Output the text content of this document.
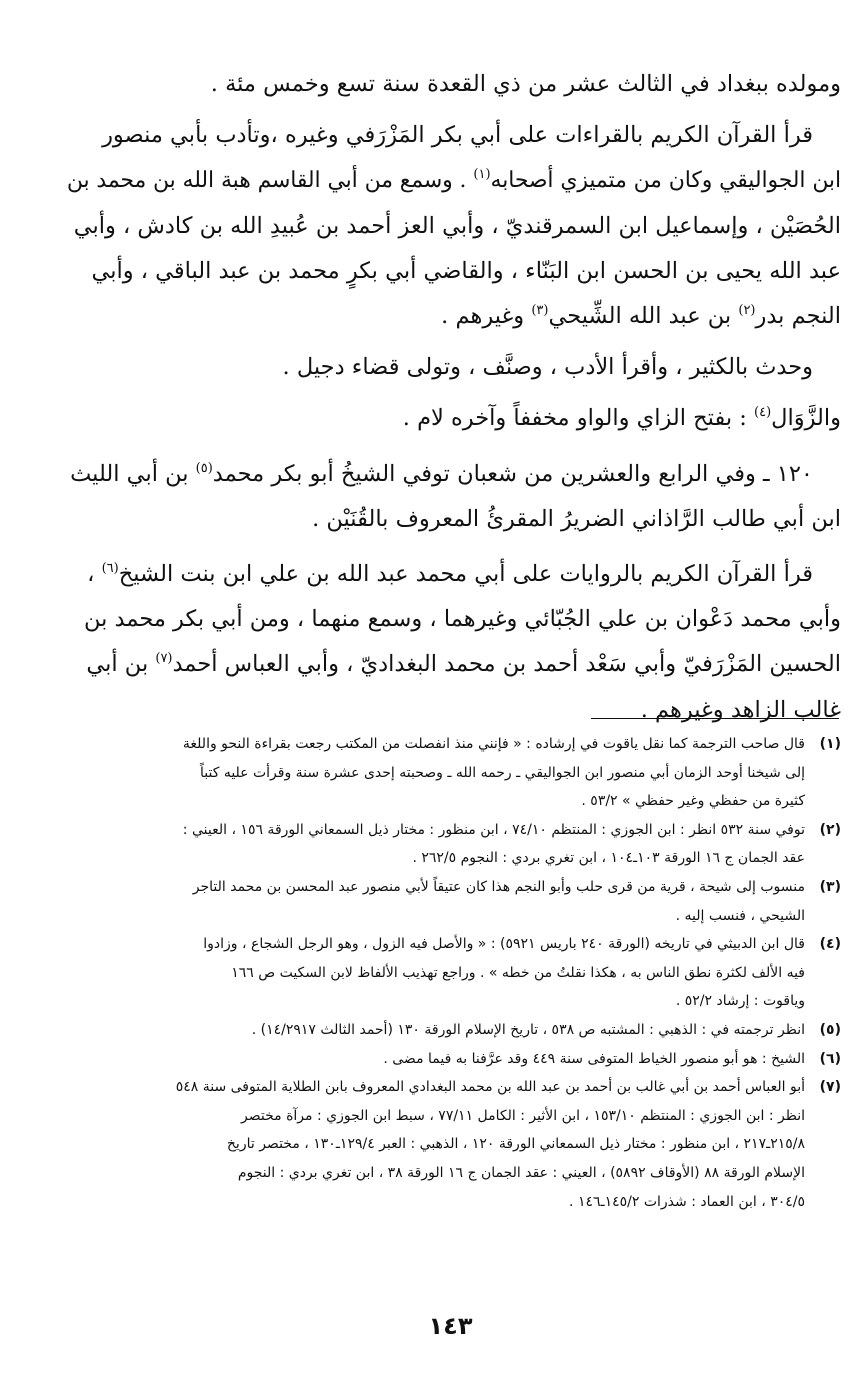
ومولده ببغداد في الثالث عشر من ذي القعدة سنة تسع وخمس مئة .

قرأ القرآن الكريم بالقراءات على أبي بكر المَزْرَفي وغيره ،وتأدب بأبي منصور

ابن الجواليقي وكان من متميزي أصحابه$^{(١)}$ . وسمع من أبي القاسم هبة الله بن محمد بن

الحُصَيْن ، وإسماعيل ابن السمرقنديّ ، وأبي العز أحمد بن عُبيدِ الله بن كادش ، وأبي

عبد الله يحيى بن الحسن ابن البَنّاء ، والقاضي أبي بكرٍ محمد بن عبد الباقي ، وأبي

النجم بدر$^{(٢)}$ بن عبد الله الشِّيحي$^{(٣)}$ وغيرهم .               

وحدث بالكثير ، وأقرأ الأدب ، وصنَّف ، وتولى قضاء دجيل .

والزَّوَال$^{(٤)}$ : بفتح الزاي والواو مخففاً وآخره لام .

١٢٠ ـ وفي الرابع والعشرين من شعبان توفي الشيخُ أبو بكر محمد$^{(٥)}$ بن أبي الليث

ابن أبي طالب الرَّاذاني الضريرُ المقرئُ المعروف بالقُنَيْن .

قرأ القرآن الكريم بالروايات على أبي محمد عبد الله بن علي ابن بنت الشيخ$^{(٦)}$ ،

وأبي محمد دَعْوان بن علي الجُبّائي وغيرهما ، وسمع منهما ، ومن أبي بكر محمد بن

الحسين المَزْرَفيّ وأبي سَعْد أحمد بن محمد البغداديّ ، وأبي العباس أحمد$^{(٧)}$ بن أبي

غالب الزاهد وغيرهم .

(١)
قال صاحب الترجمة كما نقل ياقوت في إرشاده : « فإنني منذ انفصلت من المكتب رجعت بقراءة النحو واللغة
إلى شيخنا أوحد الزمان أبي منصور ابن الجواليقي ـ رحمه الله ـ وصحبته إحدى عشرة سنة وقرأت عليه كتباً
كثيرة من حفظي وغير حفظي » ٥٣/٢ .
(٢)
توفي سنة ٥٣٢ انظر : ابن الجوزي : المنتظم ٧٤/١٠ ، ابن منظور : مختار ذيل السمعاني الورقة ١٥٦ ، العيني :
عقد الجمان ج ١٦ الورقة ١٠٣ـ١٠٤ ، ابن تغري بردي : النجوم ٢٦٢/٥ .
(٣)
منسوب إلى شيحة ، قرية من قرى حلب وأبو النجم هذا كان عتيقاً لأبي منصور عبد المحسن بن محمد التاجر
الشيحي ، فنسب إليه .
(٤)
قال ابن الدبيثي في تاريخه (الورقة ٢٤٠ باريس ٥٩٢١) : « والأصل فيه الزول ، وهو الرجل الشجاع ، وزادوا
فيه الألف لكثرة نطق الناس به ، هكذا نقلتُ من خطه » . وراجع تهذيب الألفاظ لابن السكيت ص ١٦٦
وياقوت : إرشاد ٥٢/٢ .
(٥)
انظر ترجمته في : الذهبي : المشتبه ص ٥٣٨ ، تاريخ الإسلام الورقة ١٣٠ (أحمد الثالث ١٤/٢٩١٧) .
(٦)
الشيخ : هو أبو منصور الخياط المتوفى سنة ٤٤٩ وقد عرَّفنا به فيما مضى .
(٧)
أبو العباس أحمد بن أبي غالب بن أحمد بن عبد الله بن محمد البغدادي المعروف بابن الطلاية المتوفى سنة ٥٤٨
انظر : ابن الجوزي : المنتظم ١٥٣/١٠ ، ابن الأثير : الكامل ٧٧/١١ ، سبط ابن الجوزي : مرآة مختصر
٢١٥/٨ـ٢١٧ ، ابن منظور : مختار ذيل السمعاني الورقة ١٢٠ ، الذهبي : العبر ١٢٩/٤ـ١٣٠ ، مختصر تاريخ
الإسلام الورقة ٨٨ (الأوقاف ٥٨٩٢) ، العيني : عقد الجمان ج ١٦ الورقة ٣٨ ، ابن تغري بردي : النجوم
٣٠٤/٥ ، ابن العماد : شذرات ١٤٥/٢ـ١٤٦ .
١٤٣
